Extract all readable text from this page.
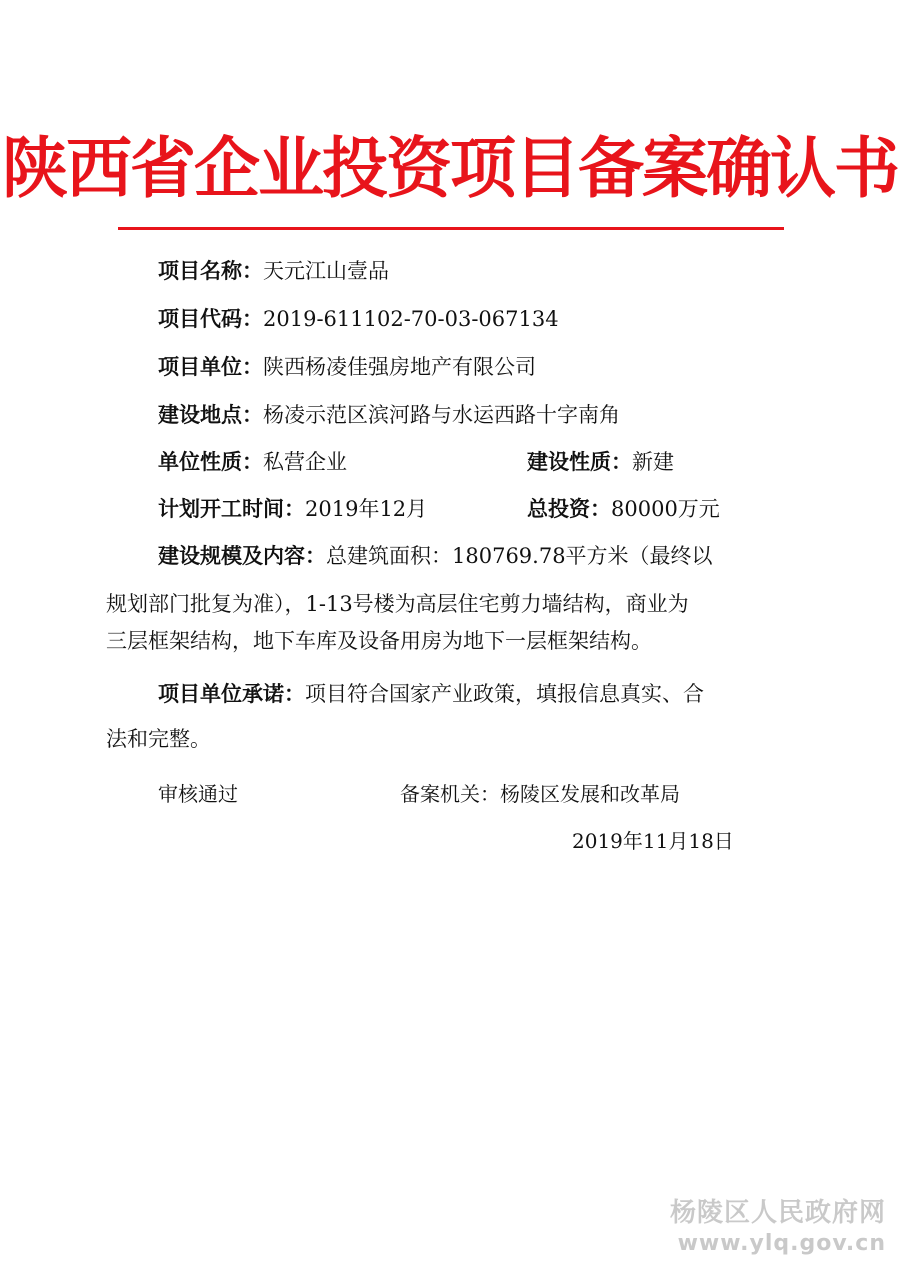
陕西省企业投资项目备案确认书
项目名称：天元江山壹品
项目代码：2019-611102-70-03-067134
项目单位：陕西杨凌佳强房地产有限公司
建设地点：杨凌示范区滨河路与水运西路十字南角
单位性质：私营企业	建设性质：新建
计划开工时间：2019年12月	总投资：80000万元
建设规模及内容：总建筑面积：180769.78平方米（最终以
规划部门批复为准），1-13号楼为高层住宅剪力墙结构，商业为
三层框架结构，地下车库及设备用房为地下一层框架结构。
项目单位承诺：项目符合国家产业政策，填报信息真实、合
法和完整。
审核通过	备案机关：杨陵区发展和改革局
2019年11月18日
杨陵区人民政府网
www.ylq.gov.cn
